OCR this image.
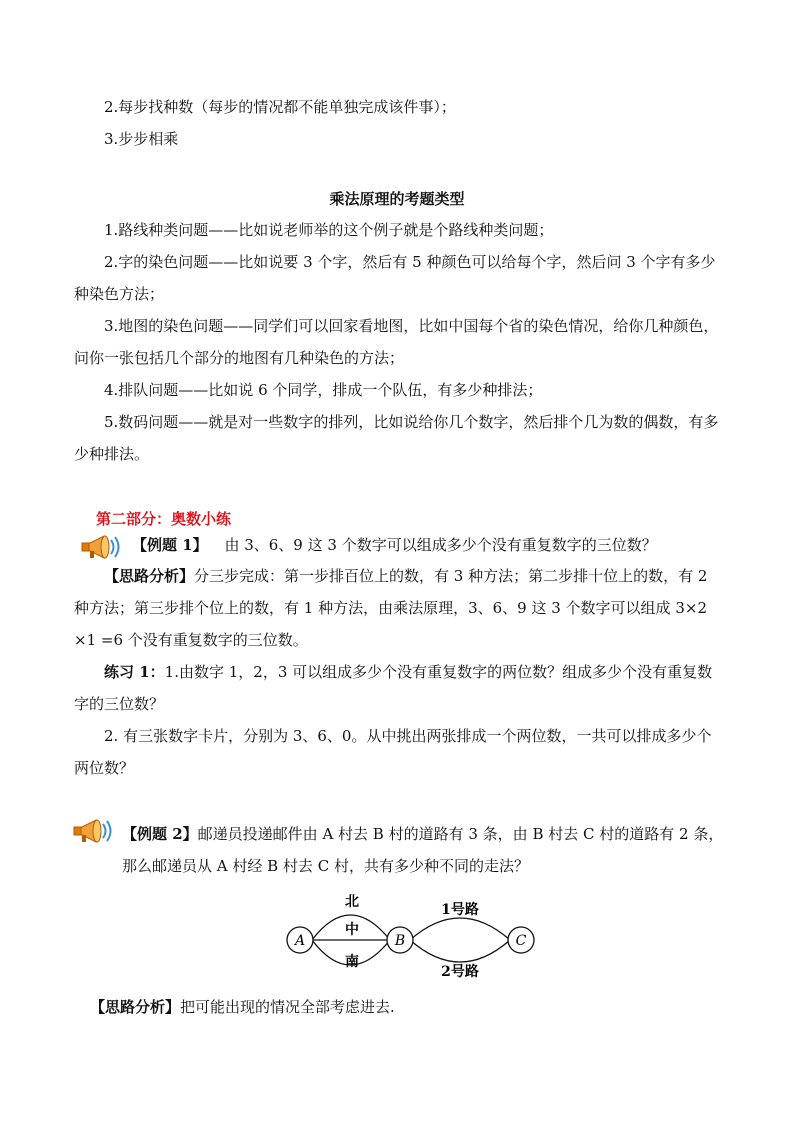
2.每步找种数（每步的情况都不能单独完成该件事）；
3.步步相乘
乘法原理的考题类型
1.路线种类问题——比如说老师举的这个例子就是个路线种类问题；
2.字的染色问题——比如说要 3 个字，然后有 5 种颜色可以给每个字，然后问 3 个字有多少种染色方法；
3.地图的染色问题——同学们可以回家看地图，比如中国每个省的染色情况，给你几种颜色，问你一张包括几个部分的地图有几种染色的方法；
4.排队问题——比如说 6 个同学，排成一个队伍，有多少种排法；
5.数码问题——就是对一些数字的排列，比如说给你几个数字，然后排个几为数的偶数，有多少种排法。
第二部分：奥数小练
【例题 1】 由 3、6、9 这 3 个数字可以组成多少个没有重复数字的三位数？
【思路分析】分三步完成：第一步排百位上的数，有 3 种方法；第二步排十位上的数，有 2 种方法；第三步排个位上的数，有 1 种方法，由乘法原理，3、6、9 这 3 个数字可以组成 3×2 ×1 =6 个没有重复数字的三位数。
练习 1：1.由数字 1，2，3 可以组成多少个没有重复数字的两位数？组成多少个没有重复数字的三位数？
2. 有三张数字卡片，分别为 3、6、0。从中挑出两张排成一个两位数，一共可以排成多少个两位数？
【例题 2】邮递员投递邮件由 A 村去 B 村的道路有 3 条，由 B 村去 C 村的道路有 2 条，那么邮递员从 A 村经 B 村去 C 村，共有多少种不同的走法？
A	B	C
北
中
南
1号路
2号路
【思路分析】把可能出现的情况全部考虑进去.
